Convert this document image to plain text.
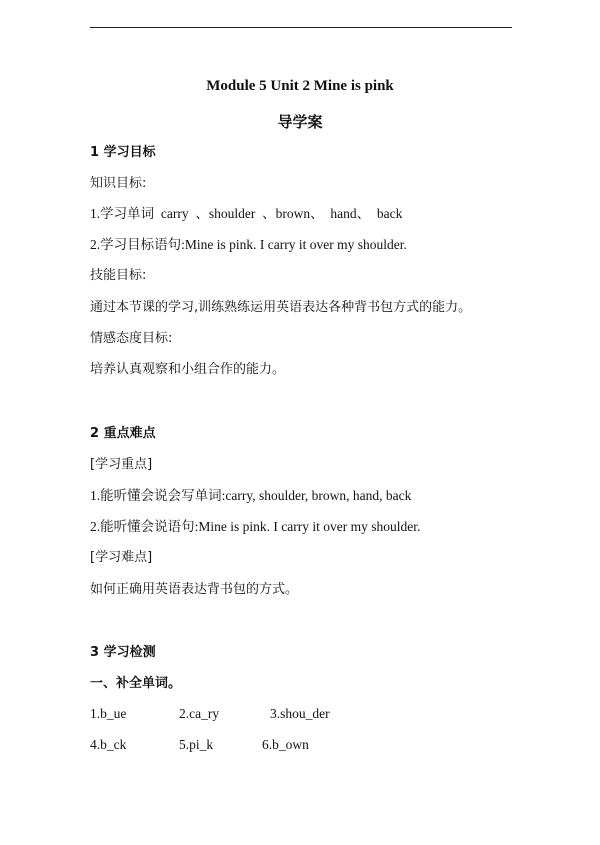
Module 5 Unit 2 Mine is pink
导学案
1 学习目标
知识目标:
1.学习单词  carry  、shoulder  、brown、  hand、  back
2.学习目标语句:Mine is pink. I carry it over my shoulder.
技能目标:
通过本节课的学习,训练熟练运用英语表达各种背书包方式的能力。
情感态度目标:
培养认真观察和小组合作的能力。
2 重点难点
[学习重点]
1.能听懂会说会写单词:carry, shoulder, brown, hand, back
2.能听懂会说语句:Mine is pink. I carry it over my shoulder.
[学习难点]
如何正确用英语表达背书包的方式。
3 学习检测
一、补全单词。
1.b_ue	2.ca_ry	3.shou_der
4.b_ck	5.pi_k	6.b_own
